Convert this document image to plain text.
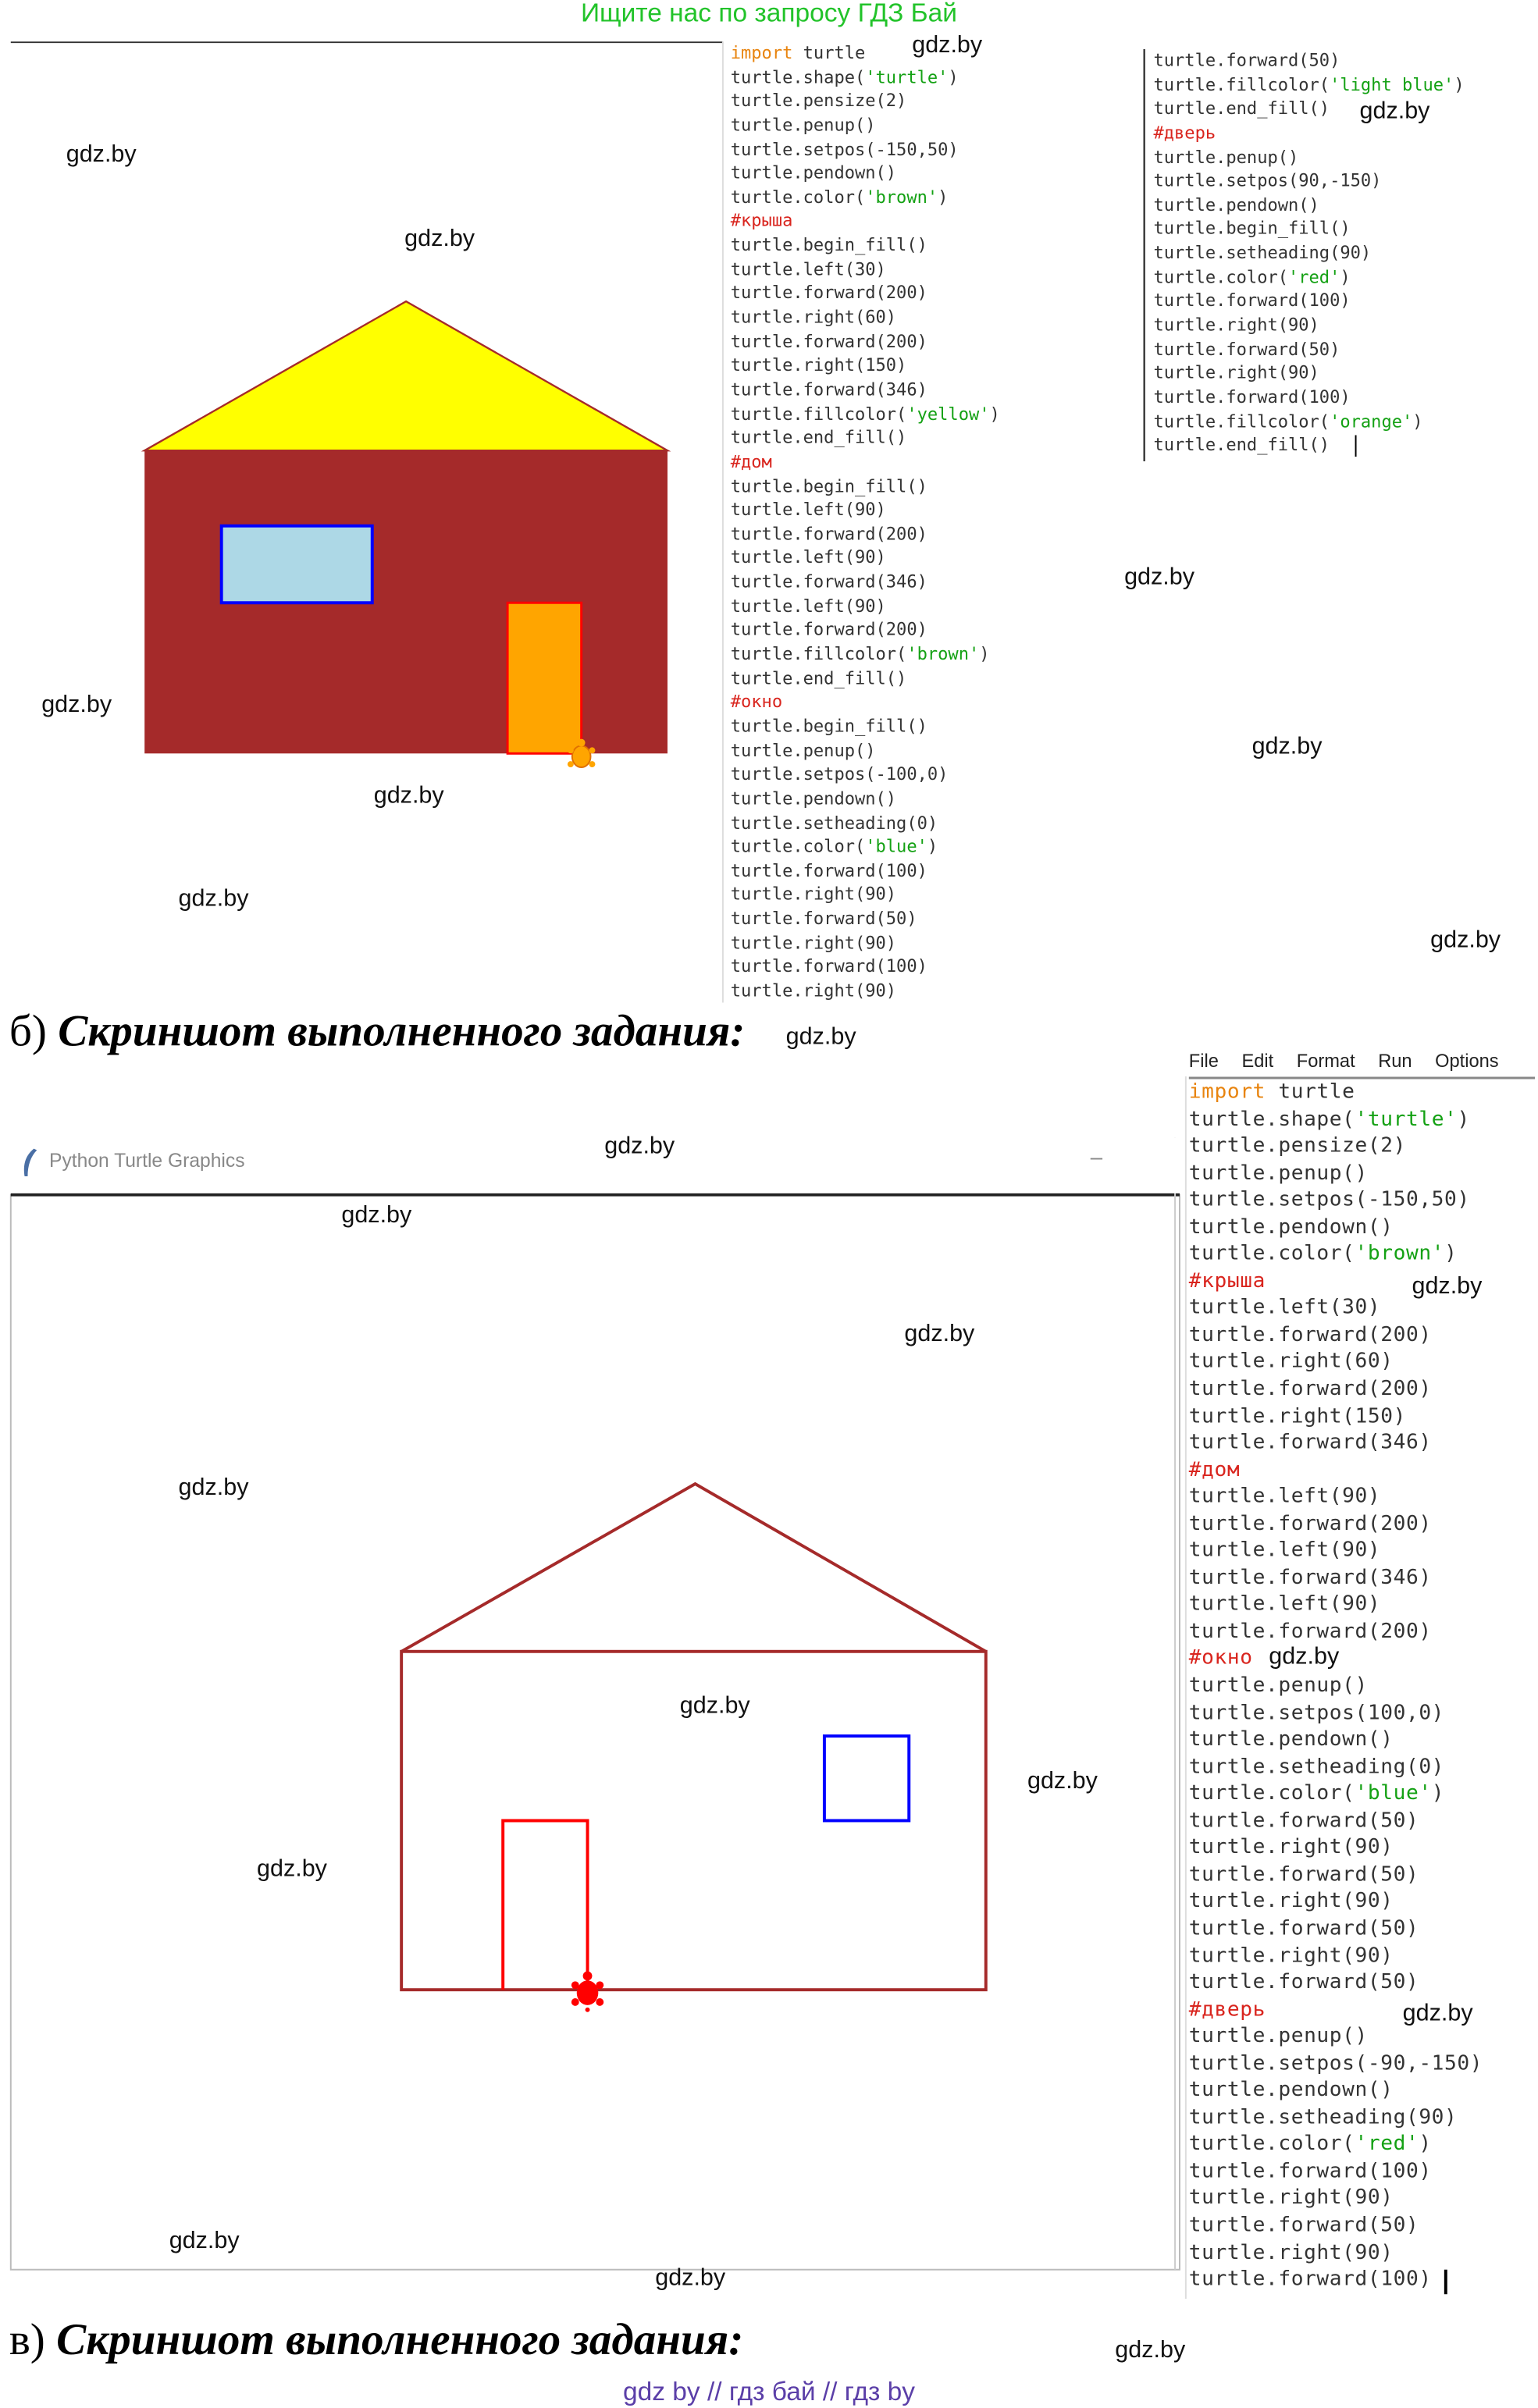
Ищите нас по запросу ГДЗ Бай
import turtle
turtle.shape('turtle')
turtle.pensize(2)
turtle.penup()
turtle.setpos(-150,50)
turtle.pendown()
turtle.color('brown')
#крыша
turtle.begin_fill()
turtle.left(30)
turtle.forward(200)
turtle.right(60)
turtle.forward(200)
turtle.right(150)
turtle.forward(346)
turtle.fillcolor('yellow')
turtle.end_fill()
#дом
turtle.begin_fill()
turtle.left(90)
turtle.forward(200)
turtle.left(90)
turtle.forward(346)
turtle.left(90)
turtle.forward(200)
turtle.fillcolor('brown')
turtle.end_fill()
#окно
turtle.begin_fill()
turtle.penup()
turtle.setpos(-100,0)
turtle.pendown()
turtle.setheading(0)
turtle.color('blue')
turtle.forward(100)
turtle.right(90)
turtle.forward(50)
turtle.right(90)
turtle.forward(100)
turtle.right(90)
turtle.forward(50)
turtle.fillcolor('light blue')
turtle.end_fill()
#дверь
turtle.penup()
turtle.setpos(90,-150)
turtle.pendown()
turtle.begin_fill()
turtle.setheading(90)
turtle.color('red')
turtle.forward(100)
turtle.right(90)
turtle.forward(50)
turtle.right(90)
turtle.forward(100)
turtle.fillcolor('orange')
turtle.end_fill()
б) Скриншот выполненного задания:
File Edit Format Run Options
Python Turtle Graphics	–
import turtle
turtle.shape('turtle')
turtle.pensize(2)
turtle.penup()
turtle.setpos(-150,50)
turtle.pendown()
turtle.color('brown')
#крыша
turtle.left(30)
turtle.forward(200)
turtle.right(60)
turtle.forward(200)
turtle.right(150)
turtle.forward(346)
#дом
turtle.left(90)
turtle.forward(200)
turtle.left(90)
turtle.forward(346)
turtle.left(90)
turtle.forward(200)
#окно
turtle.penup()
turtle.setpos(100,0)
turtle.pendown()
turtle.setheading(0)
turtle.color('blue')
turtle.forward(50)
turtle.right(90)
turtle.forward(50)
turtle.right(90)
turtle.forward(50)
turtle.right(90)
turtle.forward(50)
#дверь
turtle.penup()
turtle.setpos(-90,-150)
turtle.pendown()
turtle.setheading(90)
turtle.color('red')
turtle.forward(100)
turtle.right(90)
turtle.forward(50)
turtle.right(90)
turtle.forward(100)
в) Скриншот выполненного задания:
gdz by // гдз бай // гдз by
gdz.by
gdz.by
gdz.by
gdz.by
gdz.by
gdz.by
gdz.by
gdz.by
gdz.by
gdz.by
gdz.by
gdz.by
gdz.by
gdz.by
gdz.by
gdz.by
gdz.by
gdz.by
gdz.by
gdz.by
gdz.by
gdz.by
gdz.by
gdz.by
